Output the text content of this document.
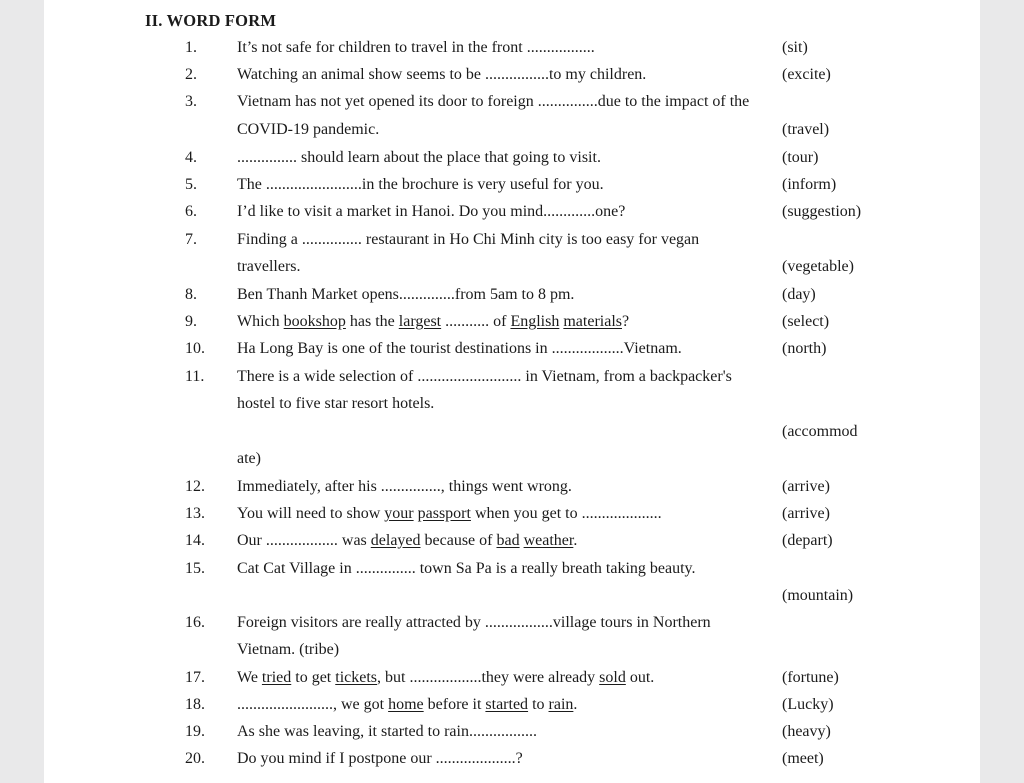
II. WORD FORM
1.	It’s not safe for children to travel in the front .................	(sit)
2.	Watching an animal show seems to be ................to my children.	(excite)
3.	Vietnam has not yet opened its door to foreign ...............due to the impact of the
COVID-19 pandemic.	(travel)
4.	............... should learn about the place that going to visit.	(tour)
5.	The ........................in the brochure is very useful for you.	(inform)
6.	I’d like to visit a market in Hanoi. Do you mind.............one?	(suggestion)
7.	Finding a ............... restaurant in Ho Chi Minh city is too easy for vegan
travellers.	(vegetable)
8.	Ben Thanh Market opens..............from 5am to 8 pm.	(day)
9.	Which bookshop has the largest ........... of English materials?	(select)
10. Ha Long Bay is one of the tourist destinations in ..................Vietnam.	(north)
11. There is a wide selection of .......................... in Vietnam, from a backpacker's
hostel to five star resort hotels.
(accommod
ate)
12. Immediately, after his ..............., things went wrong.	(arrive)
13. You will need to show your passport when you get to ....................	(arrive)
14. Our .................. was delayed because of bad weather.	(depart)
15. Cat Cat Village in ............... town Sa Pa is a really breath taking beauty.
(mountain)
16. Foreign visitors are really attracted by .................village tours in Northern
Vietnam. (tribe)
17. We tried to get tickets, but ..................they were already sold out.	(fortune)
18. ........................, we got home before it started to rain.	(Lucky)
19. As she was leaving, it started to rain.................	(heavy)
20. Do you mind if I postpone our ....................?	(meet)
